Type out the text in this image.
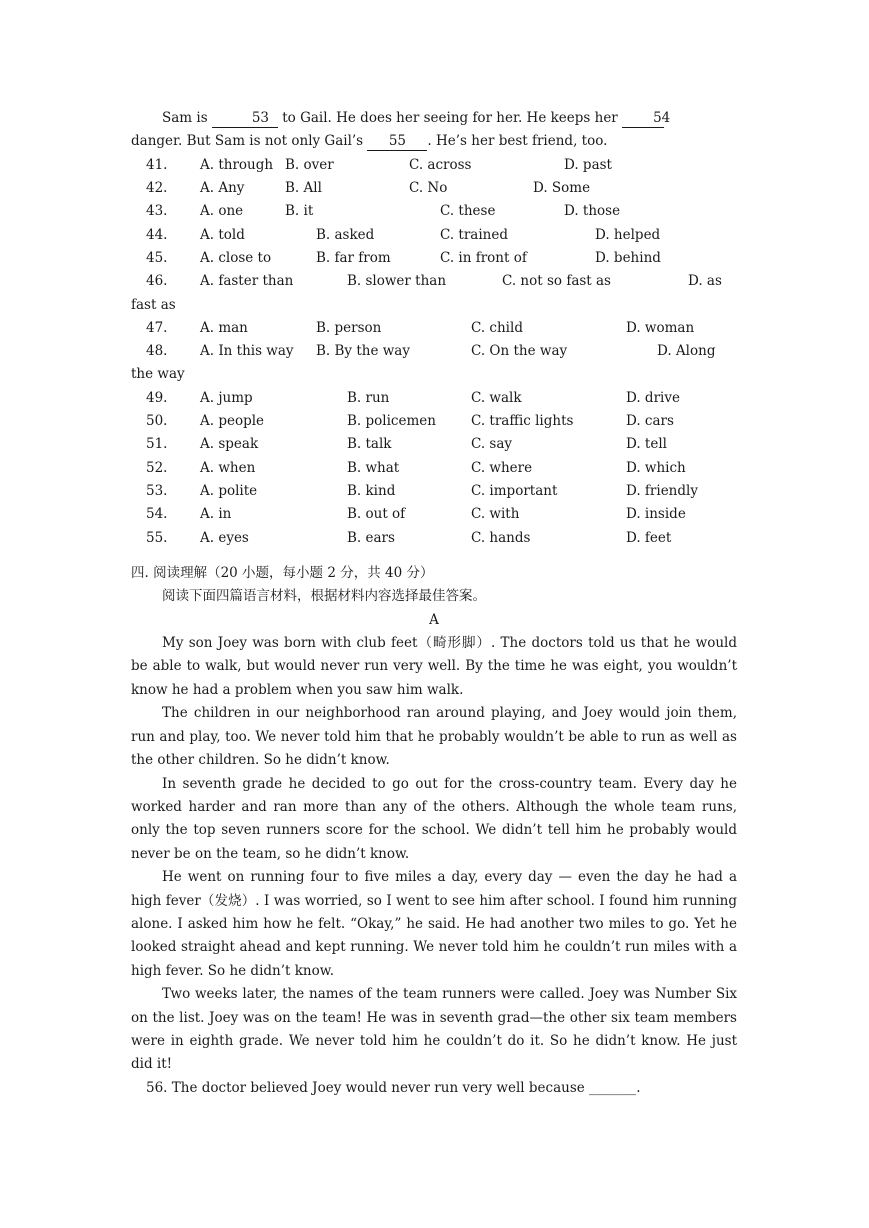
Sam is	53 to Gail. He does her seeing for her. He keeps her	54

danger. But Sam is not only Gail’s 55 . He’s her best friend, too.

41. A. through B. over	C. across	D. past
42. A. Any	B. All	C. No	D. Some
43. A. one	B. it	C. these	D. those
44. A. told	B. asked	C. trained	D. helped
45. A. close to	B. far from	C. in front of	D. behind
46. A. faster than	B. slower than	C. not so fast as	D. as
fast as
47. A. man	B. person	C. child	D. woman
48. A. In this way B. By the way	C. On the way	D. Along
the way
49. A. jump	B. run	C. walk	D. drive
50. A. people	B. policemen	C. traffic lights	D. cars
51. A. speak	B. talk	C. say	D. tell
52. A. when	B. what	C. where	D. which
53. A. polite	B. kind	C. important	D. friendly
54. A. in	B. out of	C. with	D. inside
55. A. eyes	B. ears	C. hands	D. feet
四. 阅读理解（20 小题，每小题 2 分，共 40 分）
阅读下面四篇语言材料，根据材料内容选择最佳答案。
A

My son Joey was born with club feet（畸形脚）. The doctors told us that he would be able to walk, but would never run very well. By the time he was eight, you wouldn’t know he had a problem when you saw him walk.

The children in our neighborhood ran around playing, and Joey would join them, run and play, too. We never told him that he probably wouldn’t be able to run as well as the other children. So he didn’t know.

In seventh grade he decided to go out for the cross-country team. Every day he worked harder and ran more than any of the others. Although the whole team runs, only the top seven runners score for the school. We didn’t tell him he probably would never be on the team, so he didn’t know.

He went on running four to five miles a day, every day — even the day he had a high fever（发烧）. I was worried, so I went to see him after school. I found him running alone. I asked him how he felt. “Okay,” he said. He had another two miles to go. Yet he looked straight ahead and kept running. We never told him he couldn’t run miles with a high fever. So he didn’t know.

Two weeks later, the names of the team runners were called. Joey was Number Six on the list. Joey was on the team! He was in seventh grad—the other six team members were in eighth grade. We never told him he couldn’t do it. So he didn’t know. He just did it!

56. The doctor believed Joey would never run very well because _______.
